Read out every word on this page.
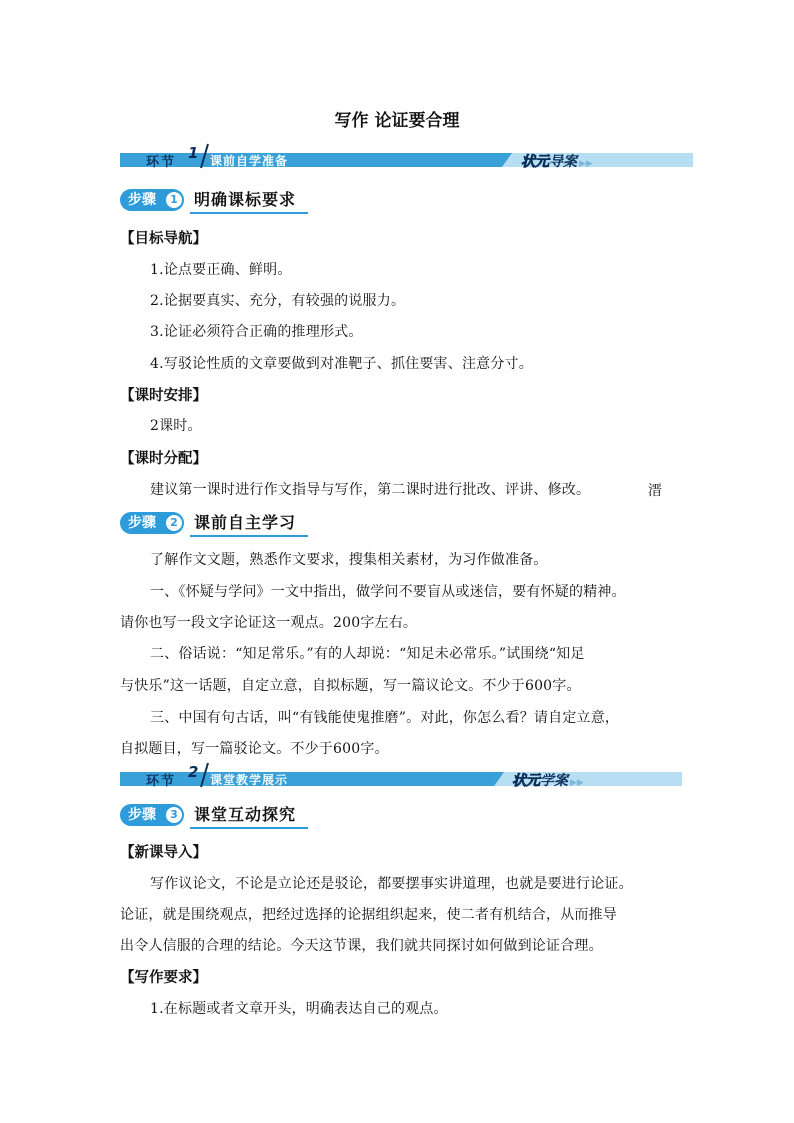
写作 论证要合理
环节
1 课前自学准备	状元导案 ▶▶
步骤	1 明确课标要求
【目标导航】
1.论点要正确、鲜明。
2.论据要真实、充分，有较强的说服力。
3.论证必须符合正确的推理形式。
4.写驳论性质的文章要做到对准靶子、抓住要害、注意分寸。
【课时安排】
2课时。
【课时分配】
建议第一课时进行作文指导与写作，第二课时进行批改、评讲、修改。	溍
步骤	2 课前自主学习
了解作文文题，熟悉作文要求，搜集相关素材，为习作做准备。
一、《怀疑与学问》一文中指出，做学问不要盲从或迷信，要有怀疑的精神。
请你也写一段文字论证这一观点。200字左右。
二、俗话说：“知足常乐。”有的人却说：“知足未必常乐。”试围绕“知足
与快乐”这一话题，自定立意，自拟标题，写一篇议论文。不少于600字。
三、中国有句古话，叫“有钱能使鬼推磨”。对此，你怎么看？请自定立意，
自拟题目，写一篇驳论文。不少于600字。
环节
2 课堂教学展示	状元学案 ▶▶
步骤	3 课堂互动探究
【新课导入】
写作议论文，不论是立论还是驳论，都要摆事实讲道理，也就是要进行论证。
论证，就是围绕观点，把经过选择的论据组织起来，使二者有机结合，从而推导
出令人信服的合理的结论。今天这节课，我们就共同探讨如何做到论证合理。
【写作要求】
1.在标题或者文章开头，明确表达自己的观点。
